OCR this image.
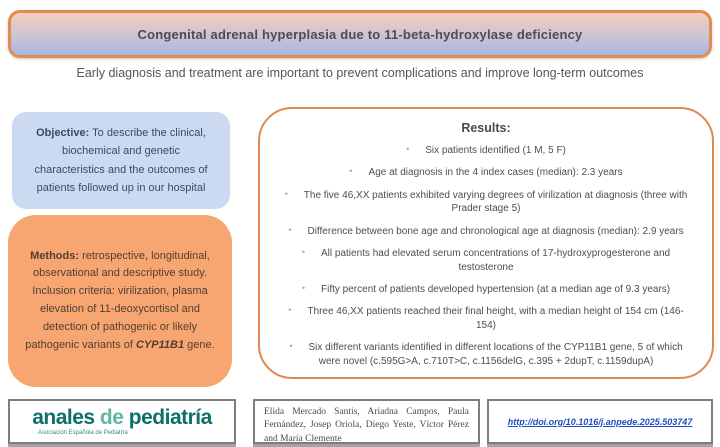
Congenital adrenal hyperplasia due to 11-beta-hydroxylase deficiency
Early diagnosis and treatment are important to prevent complications and improve long-term outcomes
Objective: To describe the clinical, biochemical and genetic characteristics and the outcomes of patients followed up in our hospital
Methods: retrospective, longitudinal, observational and descriptive study. Inclusion criteria: virilization, plasma elevation of 11-deoxycortisol and detection of pathogenic or likely pathogenic variants of CYP11B1 gene.
Results:
• Six patients identified (1 M, 5 F)
• Age at diagnosis in the 4 index cases (median): 2.3 years
• The five 46,XX patients exhibited varying degrees of virilization at diagnosis (three with Prader stage 5)
• Difference between bone age and chronological age at diagnosis (median): 2.9 years
• All patients had elevated serum concentrations of 17-hydroxyprogesterone and testosterone
• Fifty percent of patients developed hypertension (at a median age of 9.3 years)
• Three 46,XX patients reached their final height, with a median height of 154 cm (146-154)
• Six different variants identified in different locations of the CYP11B1 gene, 5 of which were novel (c.595G>A, c.710T>C, c.1156delG, c.395 + 2dupT, c.1159dupA)
anales de pediatría
Asociación Española de Pediatría
Elida Mercado Santis, Ariadna Campos, Paula Fernández, Josep Oriola, Diego Yeste, Víctor Pérez and María Clemente
http://doi.org/10.1016/j.anpede.2025.503747
